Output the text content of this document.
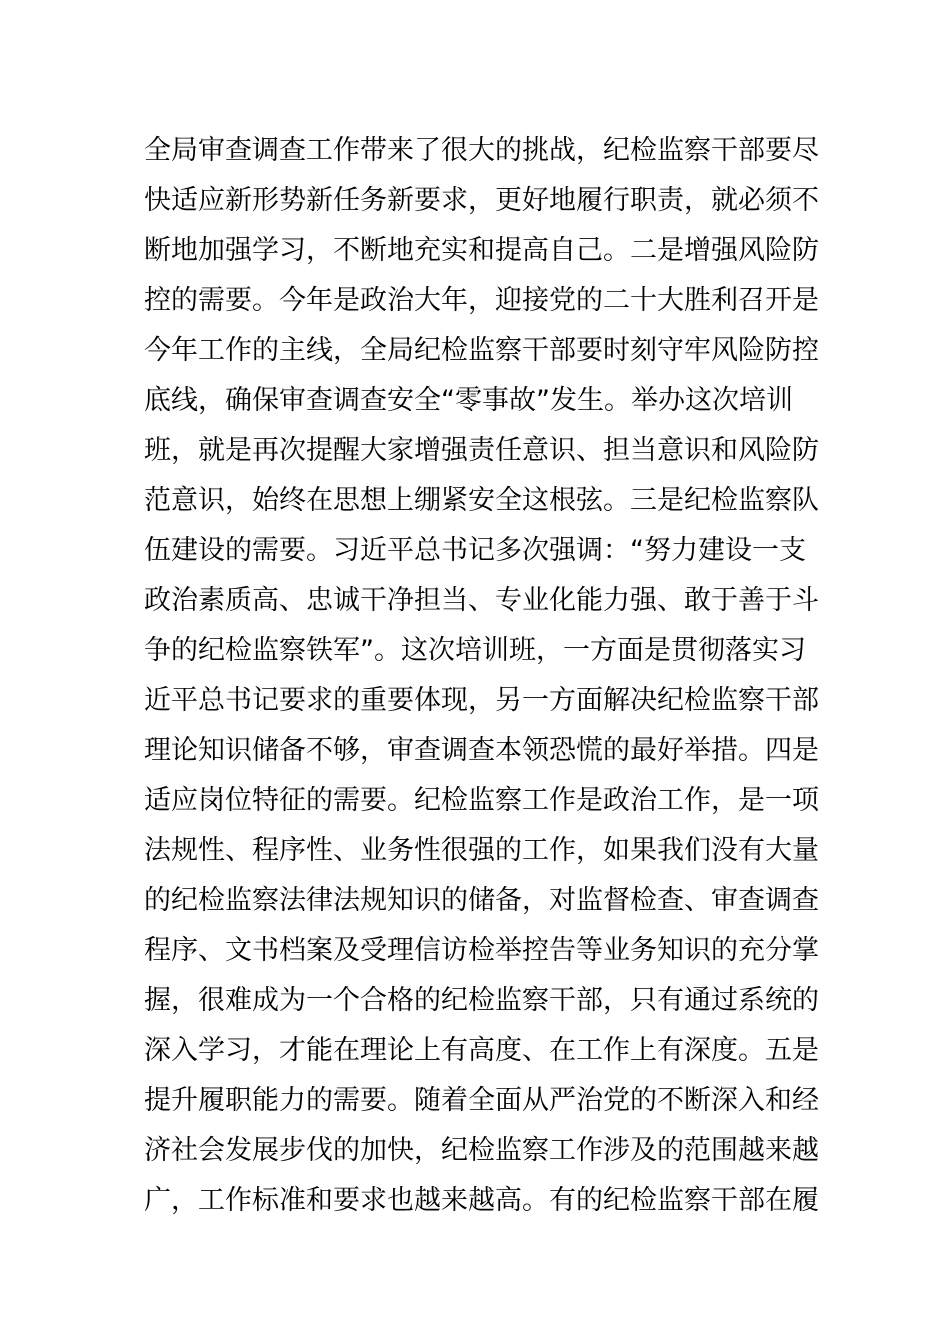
全局审查调查工作带来了很大的挑战，纪检监察干部要尽
快适应新形势新任务新要求，更好地履行职责，就必须不
断地加强学习，不断地充实和提高自己。二是增强风险防
控的需要。今年是政治大年，迎接党的二十大胜利召开是
今年工作的主线，全局纪检监察干部要时刻守牢风险防控
底线，确保审查调查安全“零事故”发生。举办这次培训
班，就是再次提醒大家增强责任意识、担当意识和风险防
范意识，始终在思想上绷紧安全这根弦。三是纪检监察队
伍建设的需要。习近平总书记多次强调：“努力建设一支
政治素质高、忠诚干净担当、专业化能力强、敢于善于斗
争的纪检监察铁军”。这次培训班，一方面是贯彻落实习
近平总书记要求的重要体现，另一方面解决纪检监察干部
理论知识储备不够，审查调查本领恐慌的最好举措。四是
适应岗位特征的需要。纪检监察工作是政治工作，是一项
法规性、程序性、业务性很强的工作，如果我们没有大量
的纪检监察法律法规知识的储备，对监督检查、审查调查
程序、文书档案及受理信访检举控告等业务知识的充分掌
握，很难成为一个合格的纪检监察干部，只有通过系统的
深入学习，才能在理论上有高度、在工作上有深度。五是
提升履职能力的需要。随着全面从严治党的不断深入和经
济社会发展步伐的加快，纪检监察工作涉及的范围越来越
广，工作标准和要求也越来越高。有的纪检监察干部在履
